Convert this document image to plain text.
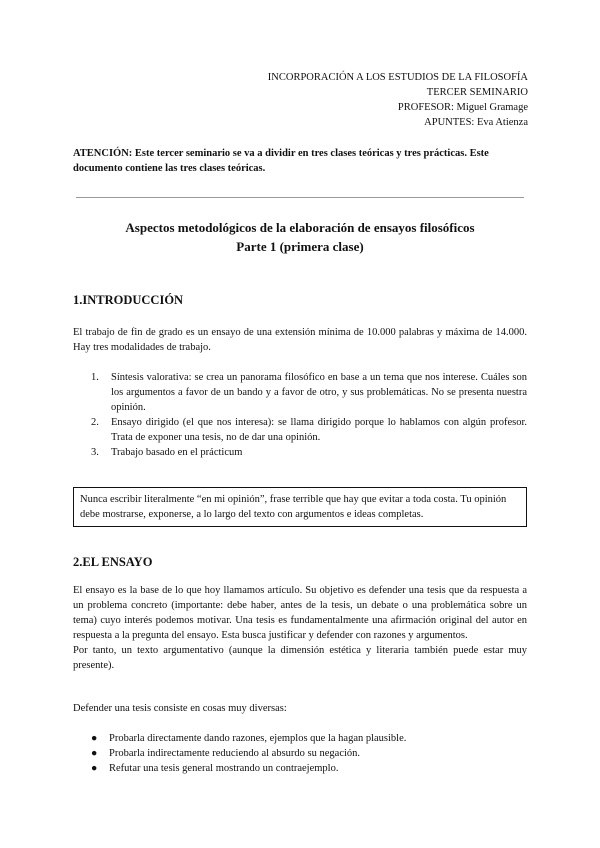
INCORPORACIÓN A LOS ESTUDIOS DE LA FILOSOFÍA
TERCER SEMINARIO
PROFESOR: Miguel Gramage
APUNTES: Eva Atienza
ATENCIÓN: Este tercer seminario se va a dividir en tres clases teóricas y tres prácticas. Este documento contiene las tres clases teóricas.
Aspectos metodológicos de la elaboración de ensayos filosóficos
Parte 1 (primera clase)
1.INTRODUCCIÓN
El trabajo de fin de grado es un ensayo de una extensión mínima de 10.000 palabras y máxima de 14.000. Hay tres modalidades de trabajo.
1. Síntesis valorativa: se crea un panorama filosófico en base a un tema que nos interese. Cuáles son los argumentos a favor de un bando y a favor de otro, y sus problemáticas. No se presenta nuestra opinión.
2. Ensayo dirigido (el que nos interesa): se llama dirigido porque lo hablamos con algún profesor. Trata de exponer una tesis, no de dar una opinión.
3. Trabajo basado en el prácticum
Nunca escribir literalmente “en mi opinión”, frase terrible que hay que evitar a toda costa. Tu opinión debe mostrarse, exponerse, a lo largo del texto con argumentos e ideas completas.
2.EL ENSAYO

El ensayo es la base de lo que hoy llamamos artículo. Su objetivo es defender una tesis que da respuesta a un problema concreto (importante: debe haber, antes de la tesis, un debate o una problemática sobre un tema) cuyo interés podemos motivar. Una tesis es fundamentalmente una afirmación original del autor en respuesta a la pregunta del ensayo. Esta busca justificar y defender con razones y argumentos.

Por tanto, un texto argumentativo (aunque la dimensión estética y literaria también puede estar muy presente).

Defender una tesis consiste en cosas muy diversas:
● Probarla directamente dando razones, ejemplos que la hagan plausible.
● Probarla indirectamente reduciendo al absurdo su negación.
● Refutar una tesis general mostrando un contraejemplo.
